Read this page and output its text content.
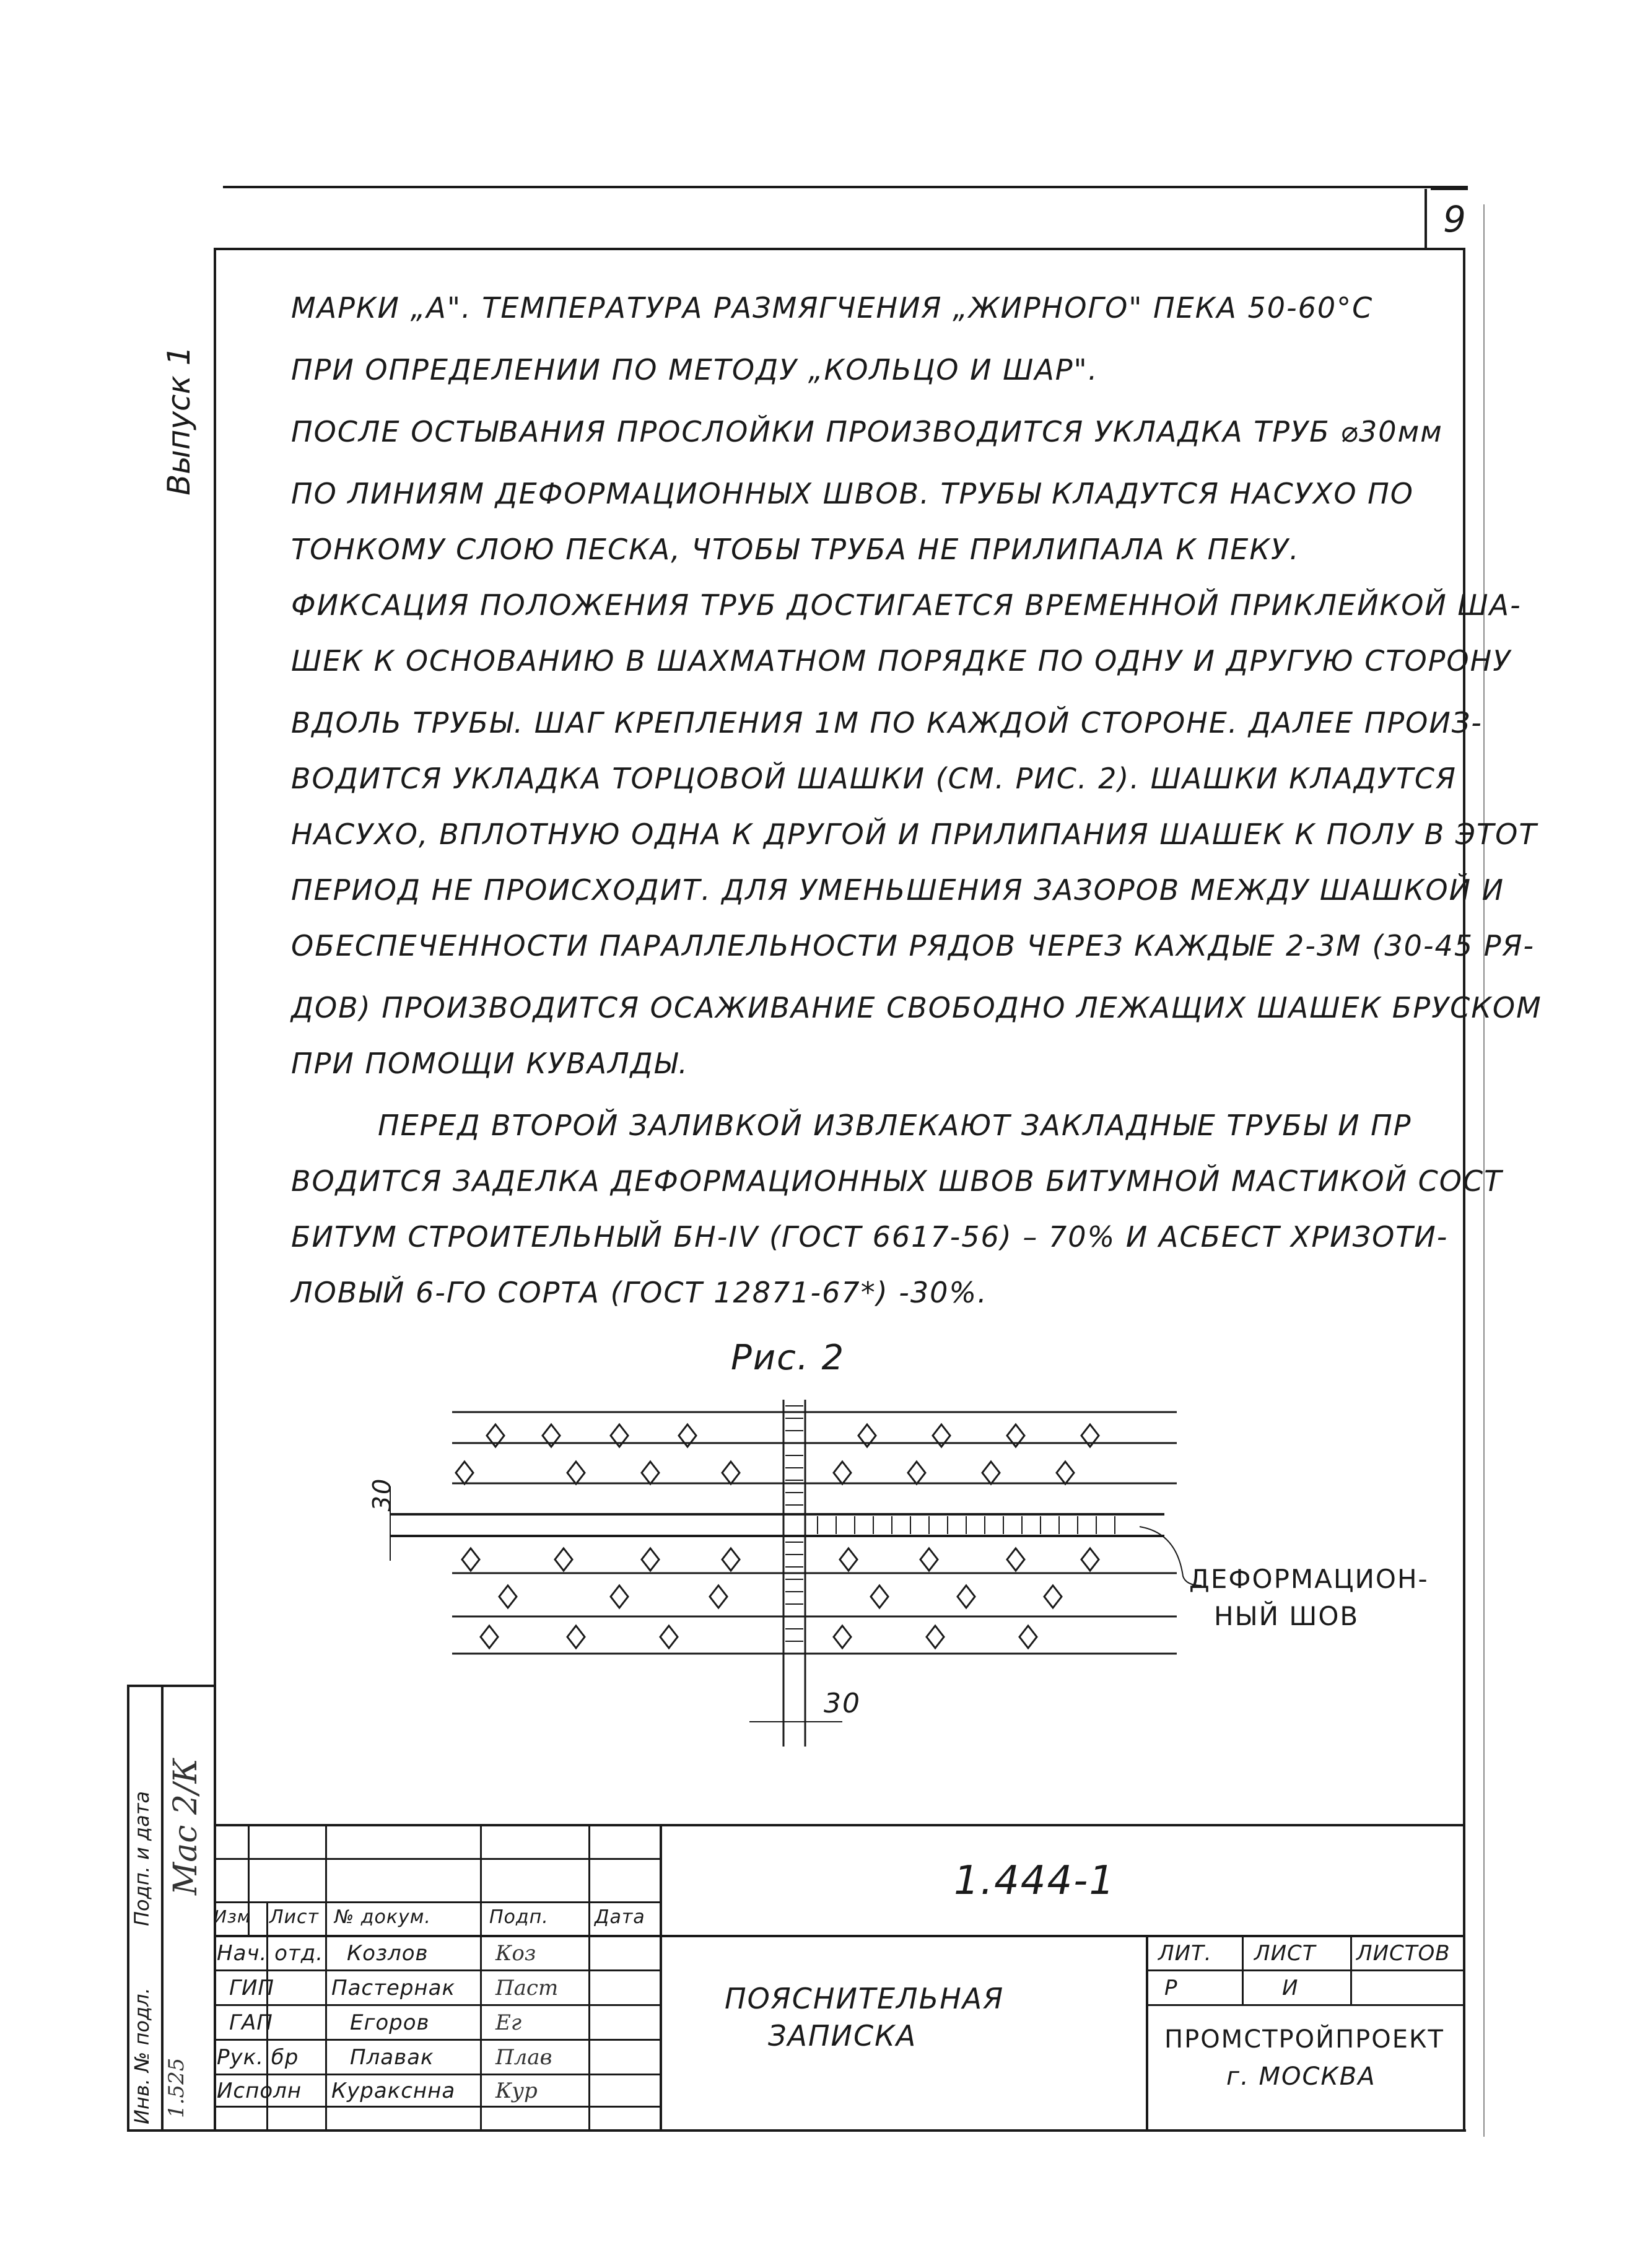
9
Выпуск 1
МАРКИ „А". ТЕМПЕРАТУРА РАЗМЯГЧЕНИЯ „ЖИРНОГО" ПЕКА 50-60°С
ПРИ ОПРЕДЕЛЕНИИ ПО МЕТОДУ „КОЛЬЦО И ШАР".
ПОСЛЕ ОСТЫВАНИЯ ПРОСЛОЙКИ ПРОИЗВОДИТСЯ УКЛАДКА ТРУБ ⌀30мм
ПО ЛИНИЯМ ДЕФОРМАЦИОННЫХ ШВОВ. ТРУБЫ КЛАДУТСЯ НАСУХО ПО
ТОНКОМУ СЛОЮ ПЕСКА, ЧТОБЫ ТРУБА НЕ ПРИЛИПАЛА К ПЕКУ.
ФИКСАЦИЯ ПОЛОЖЕНИЯ ТРУБ ДОСТИГАЕТСЯ ВРЕМЕННОЙ ПРИКЛЕЙКОЙ ША-
ШЕК К ОСНОВАНИЮ В ШАХМАТНОМ ПОРЯДКЕ ПО ОДНУ И ДРУГУЮ СТОРОНУ
ВДОЛЬ ТРУБЫ. ШАГ КРЕПЛЕНИЯ 1М ПО КАЖДОЙ СТОРОНЕ. ДАЛЕЕ ПРОИЗ-
ВОДИТСЯ УКЛАДКА ТОРЦОВОЙ ШАШКИ (СМ. РИС. 2). ШАШКИ КЛАДУТСЯ
НАСУХО, ВПЛОТНУЮ ОДНА К ДРУГОЙ И ПРИЛИПАНИЯ ШАШЕК К ПОЛУ В ЭТОТ
ПЕРИОД НЕ ПРОИСХОДИТ. ДЛЯ УМЕНЬШЕНИЯ ЗАЗОРОВ МЕЖДУ ШАШКОЙ И
ОБЕСПЕЧЕННОСТИ ПАРАЛЛЕЛЬНОСТИ РЯДОВ ЧЕРЕЗ КАЖДЫЕ 2-3М (30-45 РЯ-
ДОВ) ПРОИЗВОДИТСЯ ОСАЖИВАНИЕ СВОБОДНО ЛЕЖАЩИХ ШАШЕК БРУСКОМ
ПРИ ПОМОЩИ КУВАЛДЫ.
ПЕРЕД ВТОРОЙ ЗАЛИВКОЙ ИЗВЛЕКАЮТ ЗАКЛАДНЫЕ ТРУБЫ И ПР
ВОДИТСЯ ЗАДЕЛКА ДЕФОРМАЦИОННЫХ ШВОВ БИТУМНОЙ МАСТИКОЙ СОСТ
БИТУМ СТРОИТЕЛЬНЫЙ БН-IV (ГОСТ 6617-56) – 70% И АСБЕСТ ХРИЗОТИ-
ЛОВЫЙ 6-ГО СОРТА (ГОСТ 12871-67*) -30%.
Рис. 2
30
30
ДЕФОРМАЦИОН-
НЫЙ ШОВ
Инв. № подл.
Подп. и дата
1.525
Мас 2/К
Изм Лист № докум.	Подп. Дата
Нач. отд. Козлов	Коз
ГИП	Пастернак Паст
ГАП	Егоров	Ег
Рук. бр Плавак	Плав
Исполн Куракснна Кур
1.444-1
ПОЯСНИТЕЛЬНАЯ
ЗАПИСКА
ЛИТ. ЛИСТ ЛИСТОВ
Р	И
ПРОМСТРОЙПРОЕКТ
г. МОСКВА
